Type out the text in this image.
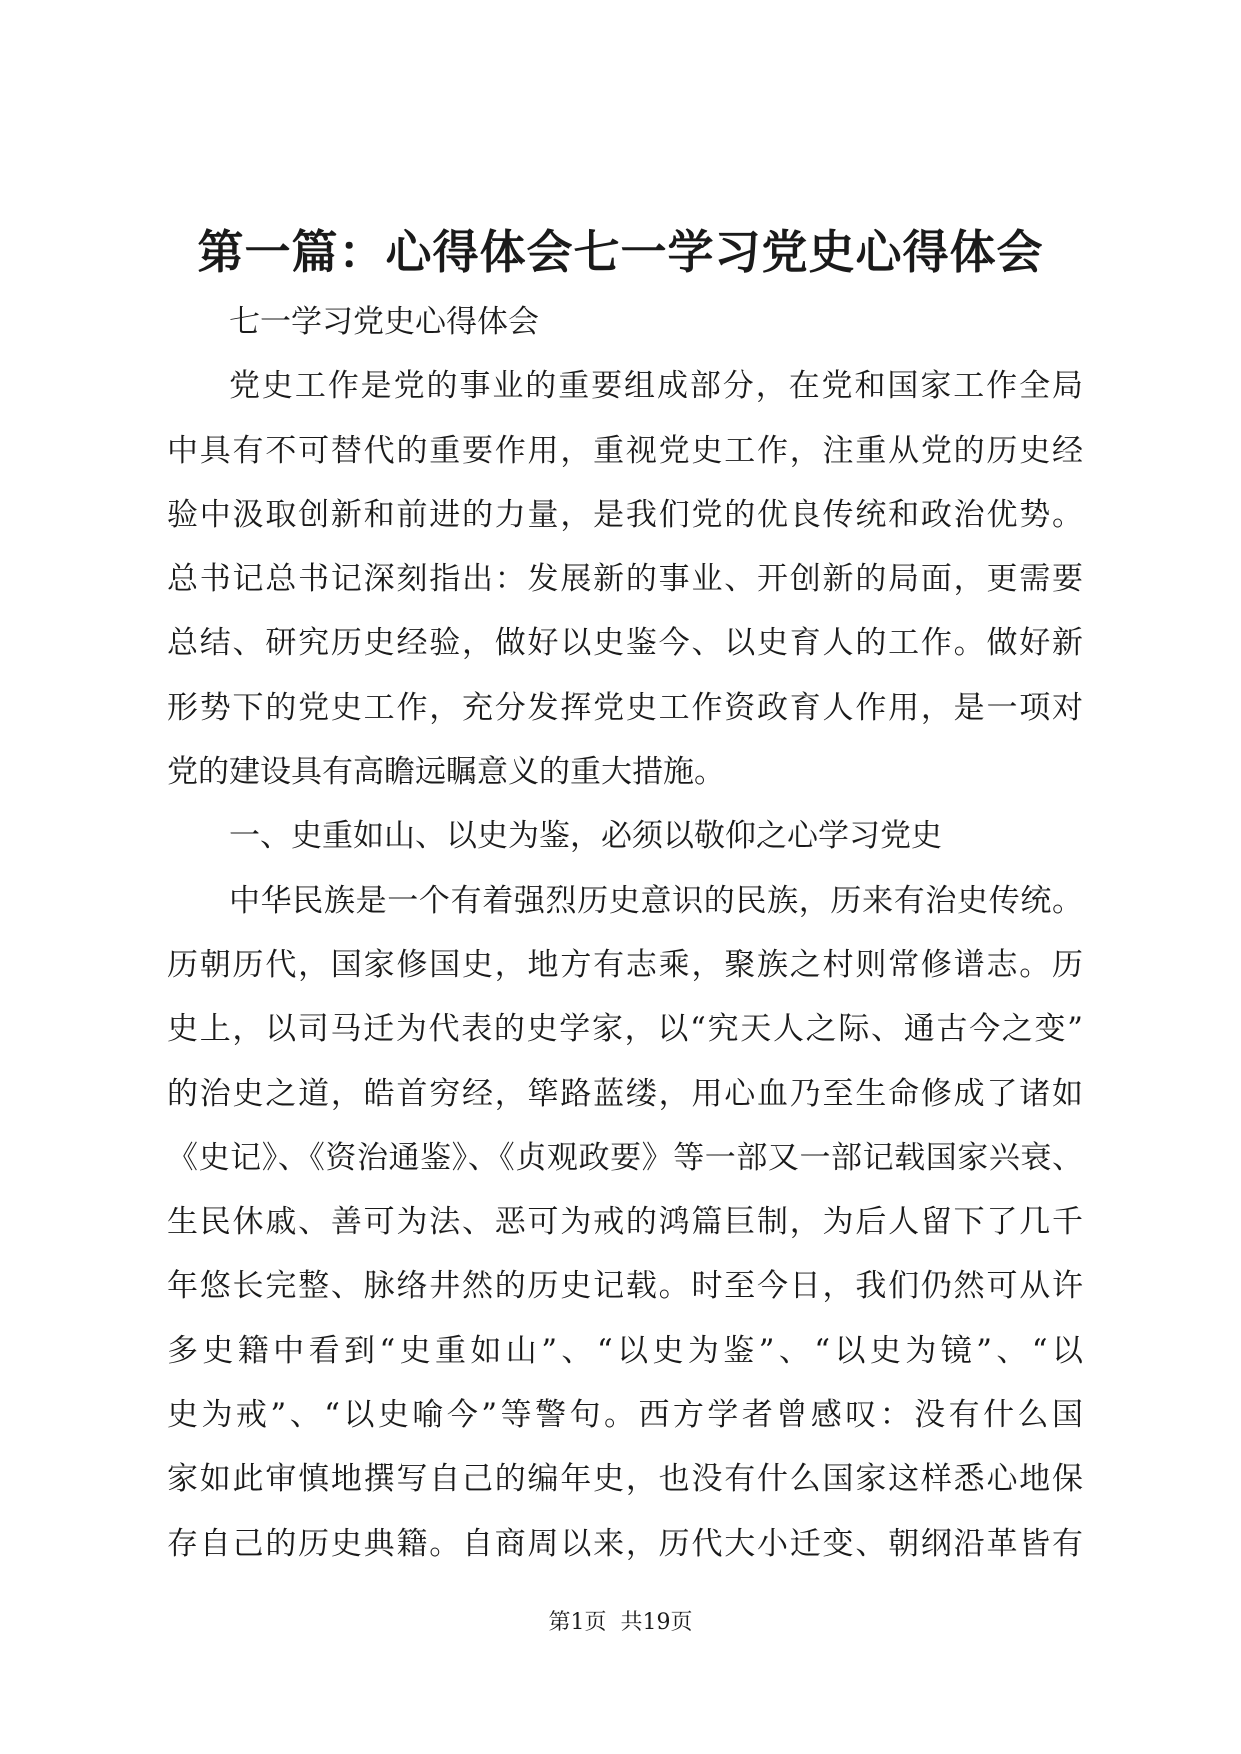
第一篇：心得体会七一学习党史心得体会
七一学习党史心得体会
党史工作是党的事业的重要组成部分，在党和国家工作全局
中具有不可替代的重要作用，重视党史工作，注重从党的历史经
验中汲取创新和前进的力量，是我们党的优良传统和政治优势。
总书记总书记深刻指出：发展新的事业、开创新的局面，更需要
总结、研究历史经验，做好以史鉴今、以史育人的工作。做好新
形势下的党史工作，充分发挥党史工作资政育人作用，是一项对
党的建设具有高瞻远瞩意义的重大措施。
一、史重如山、以史为鉴，必须以敬仰之心学习党史
中华民族是一个有着强烈历史意识的民族，历来有治史传统。
历朝历代，国家修国史，地方有志乘，聚族之村则常修谱志。历
史上，以司马迁为代表的史学家，以“究天人之际、通古今之变”
的治史之道，皓首穷经，筚路蓝缕，用心血乃至生命修成了诸如
《史记》、《资治通鉴》、《贞观政要》等一部又一部记载国家兴衰、
生民休戚、善可为法、恶可为戒的鸿篇巨制，为后人留下了几千
年悠长完整、脉络井然的历史记载。时至今日，我们仍然可从许
多史籍中看到“史重如山”、“以史为鉴”、“以史为镜”、“以
史为戒”、“以史喻今”等警句。西方学者曾感叹：没有什么国
家如此审慎地撰写自己的编年史，也没有什么国家这样悉心地保
存自己的历史典籍。自商周以来，历代大小迁变、朝纲沿革皆有
第1页  共19页
